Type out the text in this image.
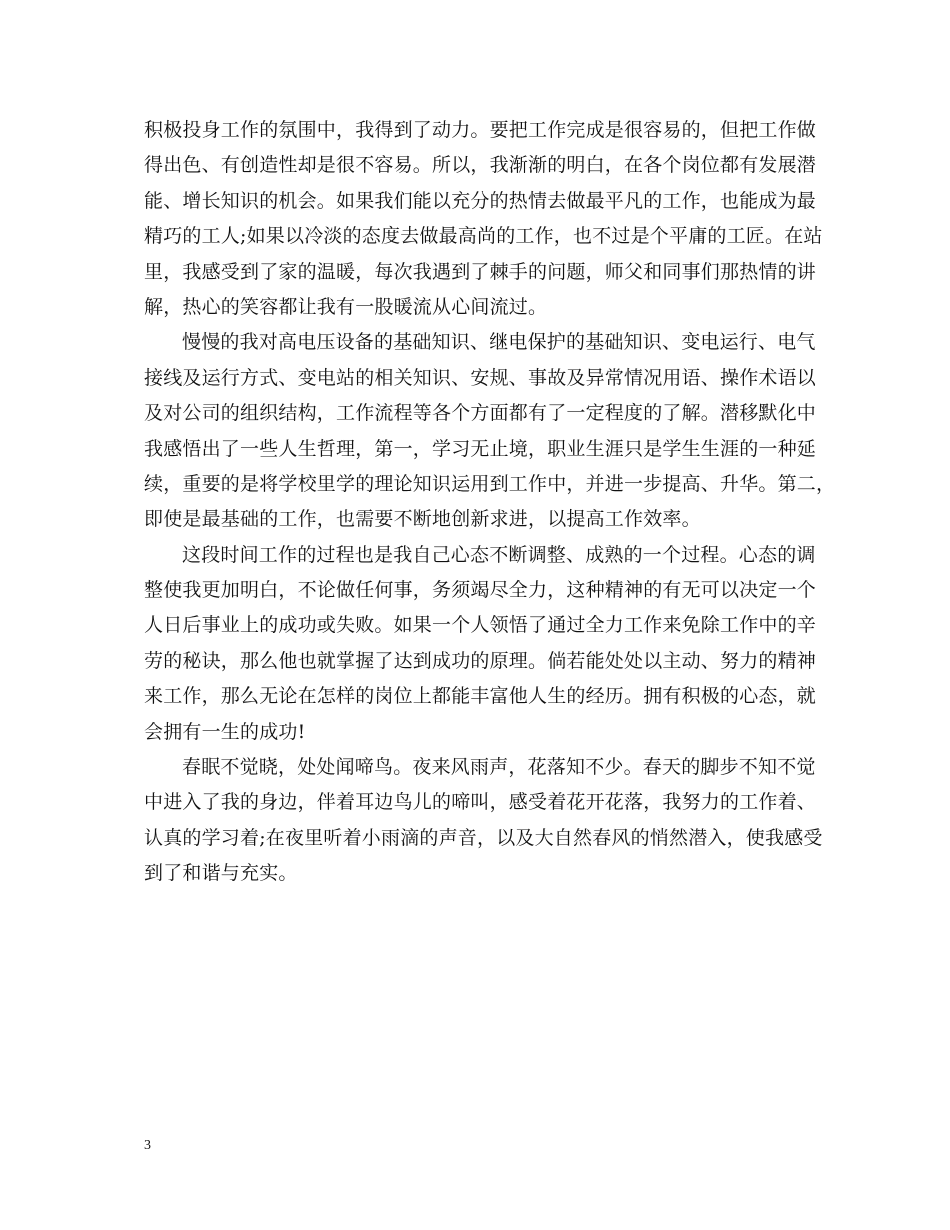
积极投身工作的氛围中，我得到了动力。要把工作完成是很容易的，但把工作做
得出色、有创造性却是很不容易。所以，我渐渐的明白，在各个岗位都有发展潜
能、增长知识的机会。如果我们能以充分的热情去做最平凡的工作，也能成为最
精巧的工人;如果以冷淡的态度去做最高尚的工作，也不过是个平庸的工匠。在站
里，我感受到了家的温暖，每次我遇到了棘手的问题，师父和同事们那热情的讲
解，热心的笑容都让我有一股暖流从心间流过。
慢慢的我对高电压设备的基础知识、继电保护的基础知识、变电运行、电气
接线及运行方式、变电站的相关知识、安规、事故及异常情况用语、操作术语以
及对公司的组织结构，工作流程等各个方面都有了一定程度的了解。潜移默化中
我感悟出了一些人生哲理，第一，学习无止境，职业生涯只是学生生涯的一种延
续，重要的是将学校里学的理论知识运用到工作中，并进一步提高、升华。第二，
即使是最基础的工作，也需要不断地创新求进，以提高工作效率。
这段时间工作的过程也是我自己心态不断调整、成熟的一个过程。心态的调
整使我更加明白，不论做任何事，务须竭尽全力，这种精神的有无可以决定一个
人日后事业上的成功或失败。如果一个人领悟了通过全力工作来免除工作中的辛
劳的秘诀，那么他也就掌握了达到成功的原理。倘若能处处以主动、努力的精神
来工作，那么无论在怎样的岗位上都能丰富他人生的经历。拥有积极的心态，就
会拥有一生的成功!
春眠不觉晓，处处闻啼鸟。夜来风雨声，花落知不少。春天的脚步不知不觉
中进入了我的身边，伴着耳边鸟儿的啼叫，感受着花开花落，我努力的工作着、
认真的学习着;在夜里听着小雨滴的声音，以及大自然春风的悄然潜入，使我感受
到了和谐与充实。
3
